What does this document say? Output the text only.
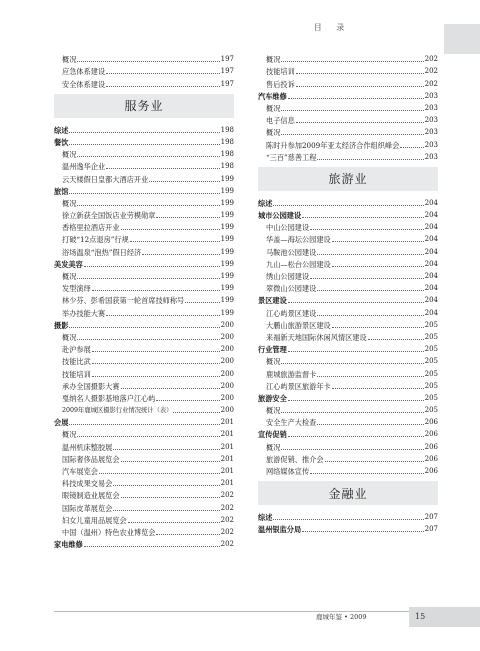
目 录
概况	197
应急体系建设	197
安全体系建设	197
服务业
综述	198
餐饮	198
概况	198
温州逸华企业	198
云天楼假日皇都大酒店开业	199
旅馆	199
概况	199
徐立新获全国饭店业劳模勋章	199
香格里拉酒店开业	199
打破“12点退房”行规	199
浴场温泉“泡热”假日经济	199
美发美容	199
概况	199
发型演绎	199
林少芬、彭希国获第一轮首席技师称号	199
举办技能大赛	199
摄影	200
概况	200
赴沪参展	200
技能比武	200
技能培训	200
承办全国摄影大赛	200
戛纳名人摄影基地落户江心屿	200
2009年鹿城区摄影行业情况统计（表）	200
会展	201
概况	201
温州机床整胶展	201
国际奢侈品展览会	201
汽车展览会	201
科技成果交易会	201
眼镜制造业展览会	202
国际皮革展览会	202
妇女儿童用品展览会	202
中国（温州）特色农业博览会	202
家电维修	202
概况	202
技能培训	202
售后投诉	202
汽车维修	203
概况	203
电子信息	203
概况	203
陈时升参加2009年亚太经济合作组织峰会	203
“三百”慈善工程	203
旅游业
综述	204
城市公园建设	204
中山公园建设	204
华盖—海坛公园建设	204
马鞍池公园建设	204
九山—松台公园建设	204
绣山公园建设	204
翠微山公园建设	204
景区建设	204
江心屿景区建设	204
大鹏山旅游景区建设	205
来福新天地国际休闲风情区建设	205
行业管理	205
概况	205
鹿城旅游监督卡	205
江心屿景区旅游年卡	205
旅游安全	205
概况	205
安全生产大检查	206
宣传促销	206
概况	206
旅游促销、推介会	206
网络媒体宣传	206
金融业
综述	207
温州银监分局	207
鹿城年鉴 • 2009	15
